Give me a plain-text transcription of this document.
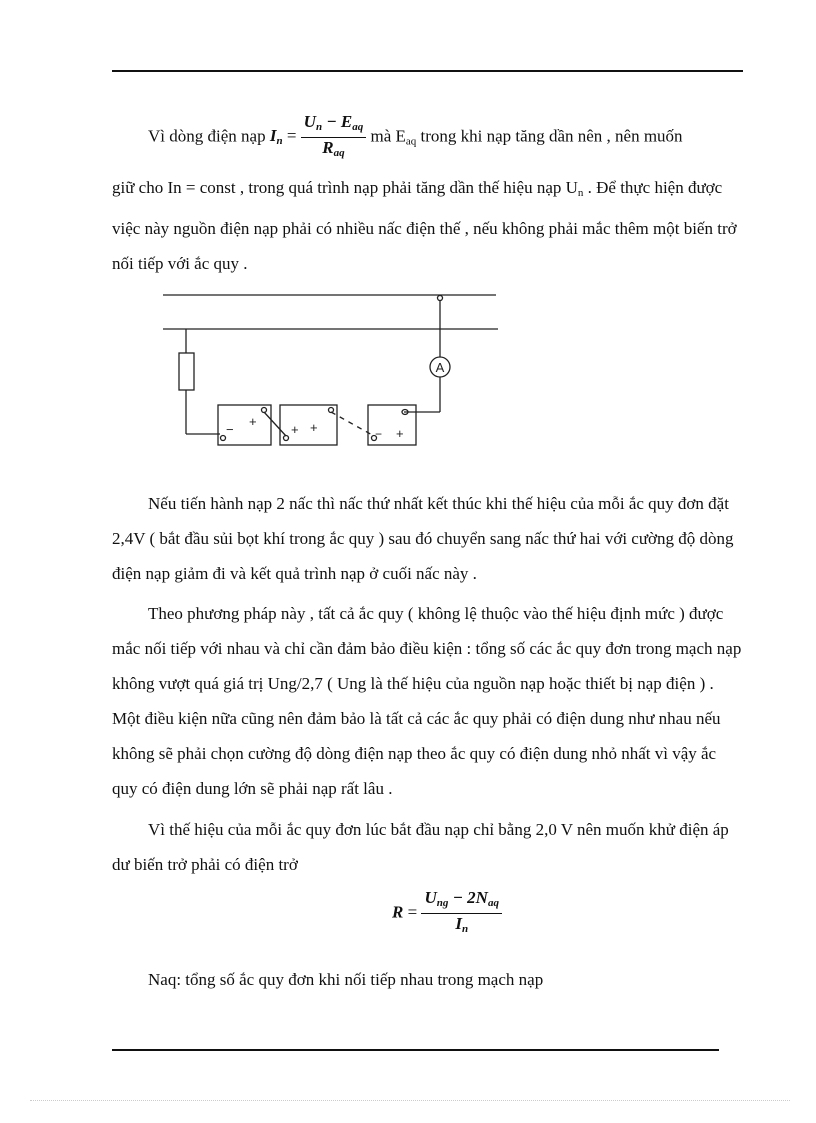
Vì dòng điện nạp $In = \frac{\text{Un − Eaq}}{\text{Raq}}$ mà Eaq trong khi nạp tăng dần nên , nên muốn

giữ cho In = const , trong quá trình nạp phải tăng dần thế hiệu nạp Un . Để thực hiện được việc này nguồn điện nạp phải có nhiều nấc điện thế , nếu không phải mắc thêm một biến trở nối tiếp với ắc quy .

A
−
+
+ +	− +

Nếu tiến hành nạp 2 nấc thì nấc thứ nhất kết thúc khi thế hiệu của mỗi ắc quy đơn đặt 2,4V ( bắt đầu sủi bọt khí trong ắc quy ) sau đó chuyển sang nấc thứ hai với cường độ dòng điện nạp giảm đi và kết quả trình nạp ở cuối nấc này .

Theo phương pháp này , tất cả ắc quy ( không lệ thuộc vào thế hiệu định mức ) được mắc nối tiếp với nhau và chỉ cần đảm bảo điều kiện : tổng số các ắc quy đơn trong mạch nạp không vượt quá giá trị Ung/2,7 ( Ung là thế hiệu của nguồn nạp hoặc thiết bị nạp điện ) . Một điều kiện nữa cũng nên đảm bảo là tất cả các ắc quy phải có điện dung như nhau nếu không sẽ phải chọn cường độ dòng điện nạp theo ắc quy có điện dung nhỏ nhất vì vậy ắc quy có điện dung lớn sẽ phải nạp rất lâu .

Vì thế hiệu của mỗi ắc quy đơn lúc bắt đầu nạp chỉ bằng 2,0 V nên muốn khử điện áp dư biến trở phải có điện trở

$R = \frac{\text{Ung − 2Naq}}{In}$

Naq: tổng số ắc quy đơn khi nối tiếp nhau trong mạch nạp
